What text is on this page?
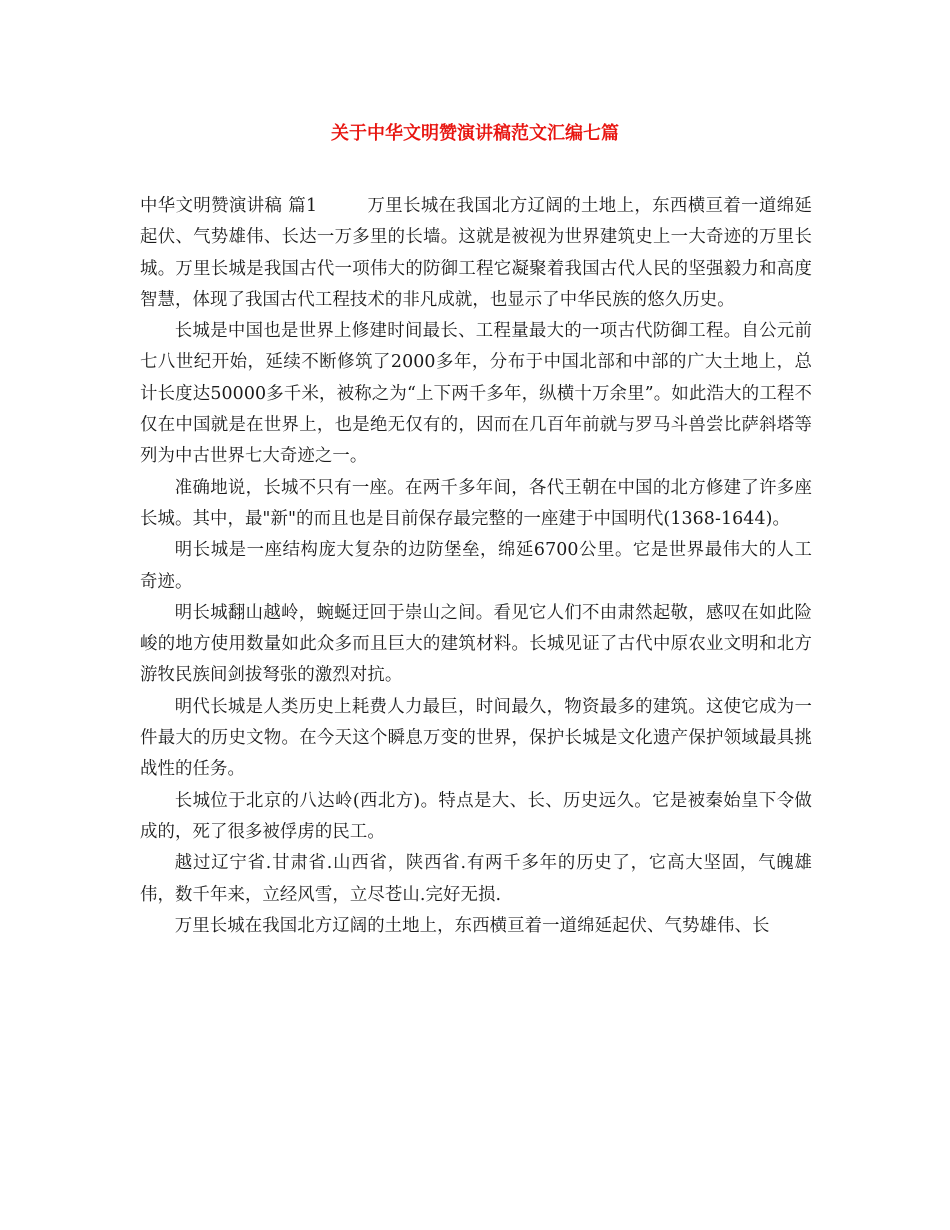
关于中华文明赞演讲稿范文汇编七篇

中华文明赞演讲稿 篇1	万里长城在我国北方辽阔的土地上，东西横亘着一道绵延起伏、气势雄伟、长达一万多里的长墙。这就是被视为世界建筑史上一大奇迹的万里长城。万里长城是我国古代一项伟大的防御工程它凝聚着我国古代人民的坚强毅力和高度智慧，体现了我国古代工程技术的非凡成就，也显示了中华民族的悠久历史。

长城是中国也是世界上修建时间最长、工程量最大的一项古代防御工程。自公元前七八世纪开始，延续不断修筑了2000多年，分布于中国北部和中部的广大土地上，总计长度达50000多千米，被称之为“上下两千多年，纵横十万余里”。如此浩大的工程不仅在中国就是在世界上，也是绝无仅有的，因而在几百年前就与罗马斗兽尝比萨斜塔等列为中古世界七大奇迹之一。

准确地说，长城不只有一座。在两千多年间，各代王朝在中国的北方修建了许多座长城。其中，最"新"的而且也是目前保存最完整的一座建于中国明代(1368-1644)。

明长城是一座结构庞大复杂的边防堡垒，绵延6700公里。它是世界最伟大的人工奇迹。

明长城翻山越岭，蜿蜒迂回于崇山之间。看见它人们不由肃然起敬，感叹在如此险峻的地方使用数量如此众多而且巨大的建筑材料。长城见证了古代中原农业文明和北方游牧民族间剑拔弩张的激烈对抗。

明代长城是人类历史上耗费人力最巨，时间最久，物资最多的建筑。这使它成为一件最大的历史文物。在今天这个瞬息万变的世界，保护长城是文化遗产保护领域最具挑战性的任务。

长城位于北京的八达岭(西北方)。特点是大、长、历史远久。它是被秦始皇下令做成的，死了很多被俘虏的民工。

越过辽宁省.甘肃省.山西省，陕西省.有两千多年的历史了，它高大坚固，气魄雄伟，数千年来，立经风雪，立尽苍山.完好无损.

万里长城在我国北方辽阔的土地上，东西横亘着一道绵延起伏、气势雄伟、长
